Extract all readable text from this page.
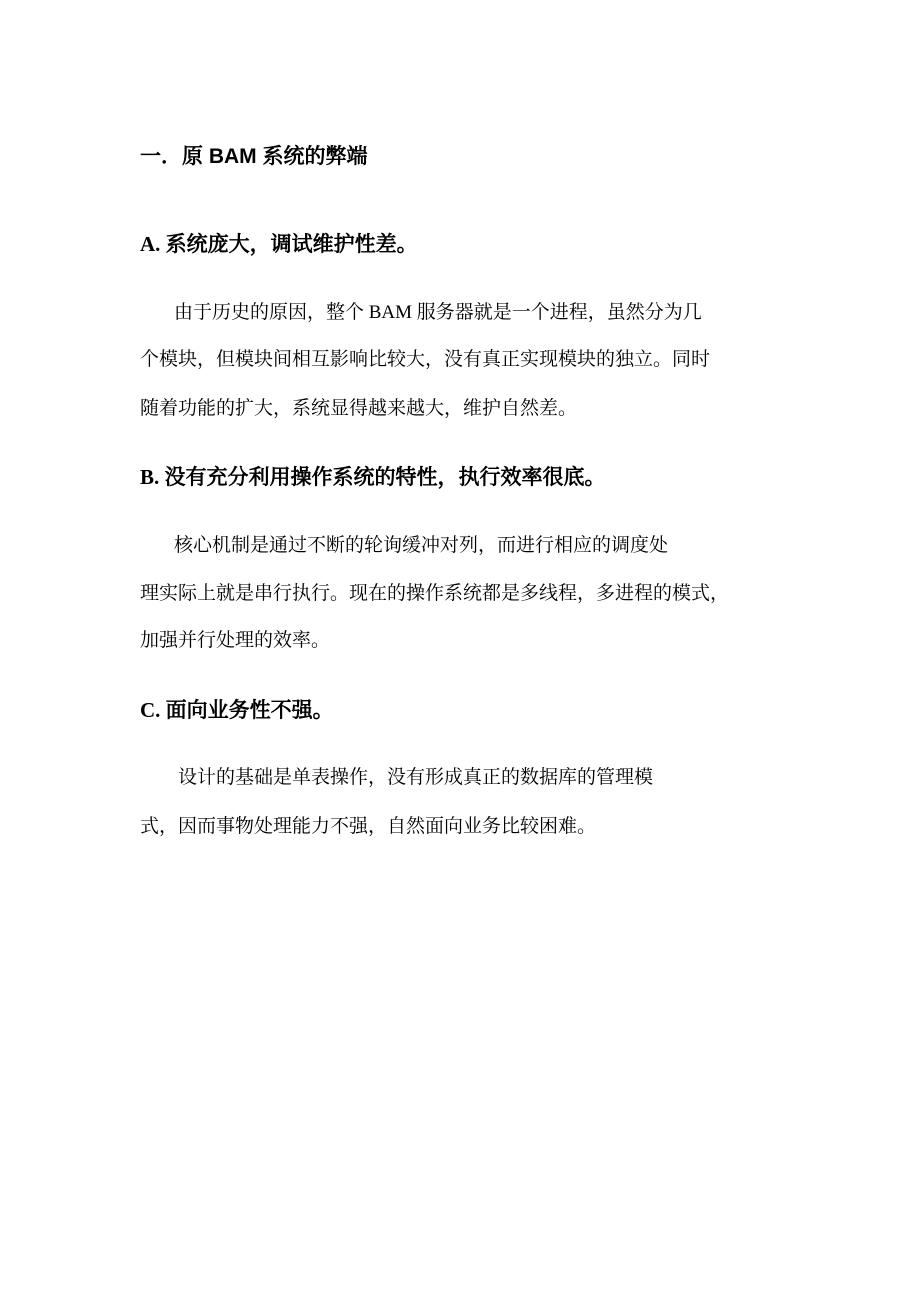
一．原 BAM 系统的弊端
A. 系统庞大，调试维护性差。

由于历史的原因，整个 BAM 服务器就是一个进程，虽然分为几

个模块，但模块间相互影响比较大，没有真正实现模块的独立。同时

随着功能的扩大，系统显得越来越大，维护自然差。

B. 没有充分利用操作系统的特性，执行效率很底。

核心机制是通过不断的轮询缓冲对列，而进行相应的调度处

理实际上就是串行执行。现在的操作系统都是多线程，多进程的模式，

加强并行处理的效率。

C. 面向业务性不强。

设计的基础是单表操作，没有形成真正的数据库的管理模

式，因而事物处理能力不强，自然面向业务比较困难。
